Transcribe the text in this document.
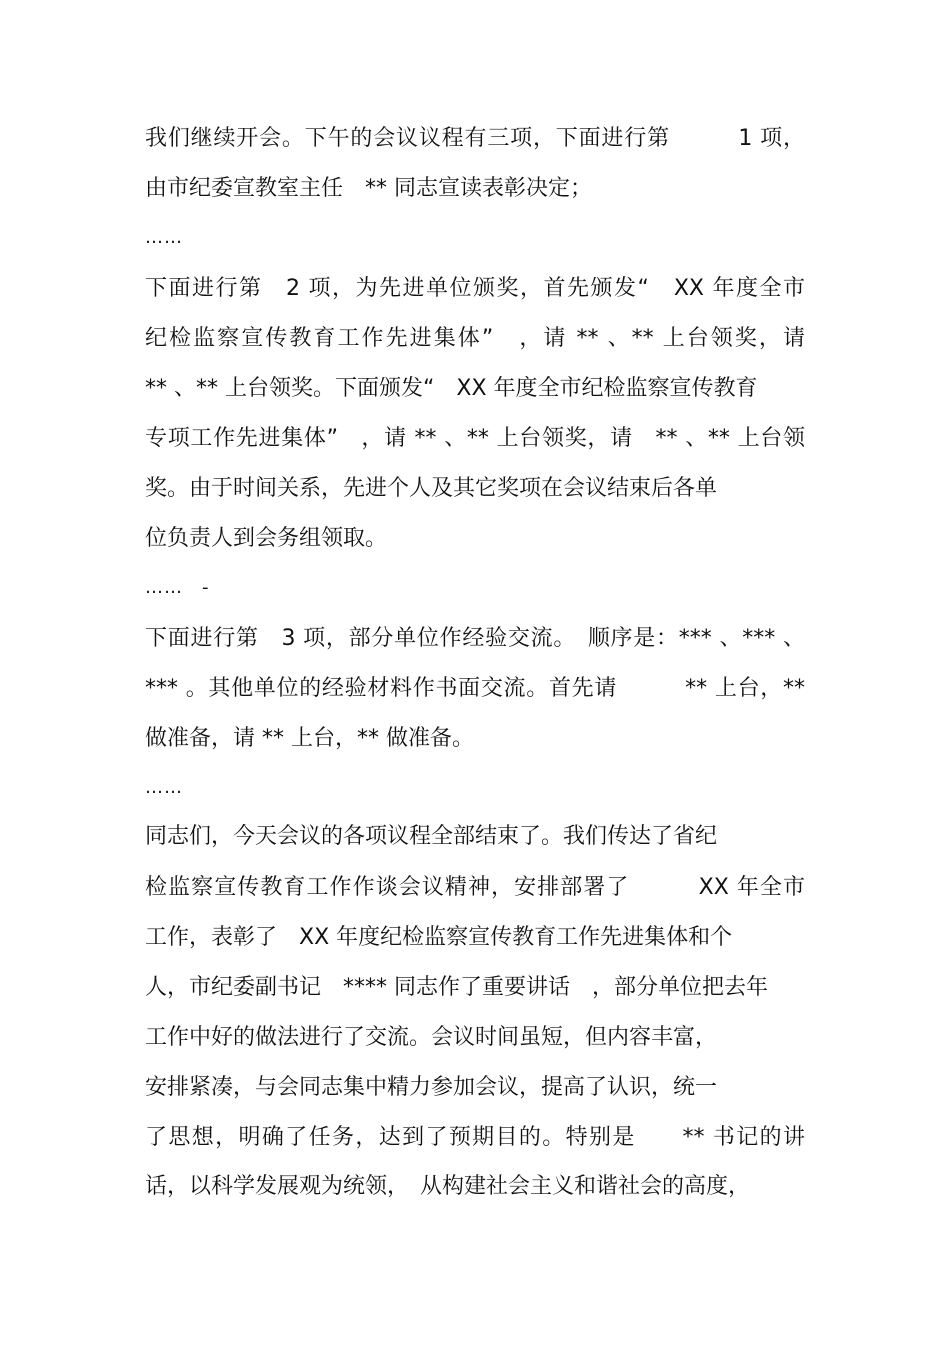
我们继续开会。下午的会议议程有三项，下面进行第　　　1 项，
由市纪委宣教室主任　** 同志宣读表彰决定；
……
下面进行第　2 项，为先进单位颁奖，首先颁发“　XX 年度全市
纪检监察宣传教育工作先进集体”　，请 ** 、** 上台领奖，请
** 、** 上台领奖。下面颁发“　XX 年度全市纪检监察宣传教育
专项工作先进集体”　，请 ** 、** 上台领奖，请　** 、** 上台领
奖。由于时间关系，先进个人及其它奖项在会议结束后各单
位负责人到会务组领取。
……　-
下面进行第　3 项，部分单位作经验交流。　顺序是：*** 、*** 、
*** 。其他单位的经验材料作书面交流。首先请　　　** 上台，**
做准备，请 ** 上台，** 做准备。
……
同志们，今天会议的各项议程全部结束了。我们传达了省纪
检监察宣传教育工作作谈会议精神，安排部署了　　　XX 年全市
工作，表彰了　XX 年度纪检监察宣传教育工作先进集体和个
人，市纪委副书记　**** 同志作了重要讲话　，部分单位把去年
工作中好的做法进行了交流。会议时间虽短，但内容丰富，
安排紧凑，与会同志集中精力参加会议，提高了认识，统一
了思想，明确了任务，达到了预期目的。特别是　　** 书记的讲
话，以科学发展观为统领，　从构建社会主义和谐社会的高度，
